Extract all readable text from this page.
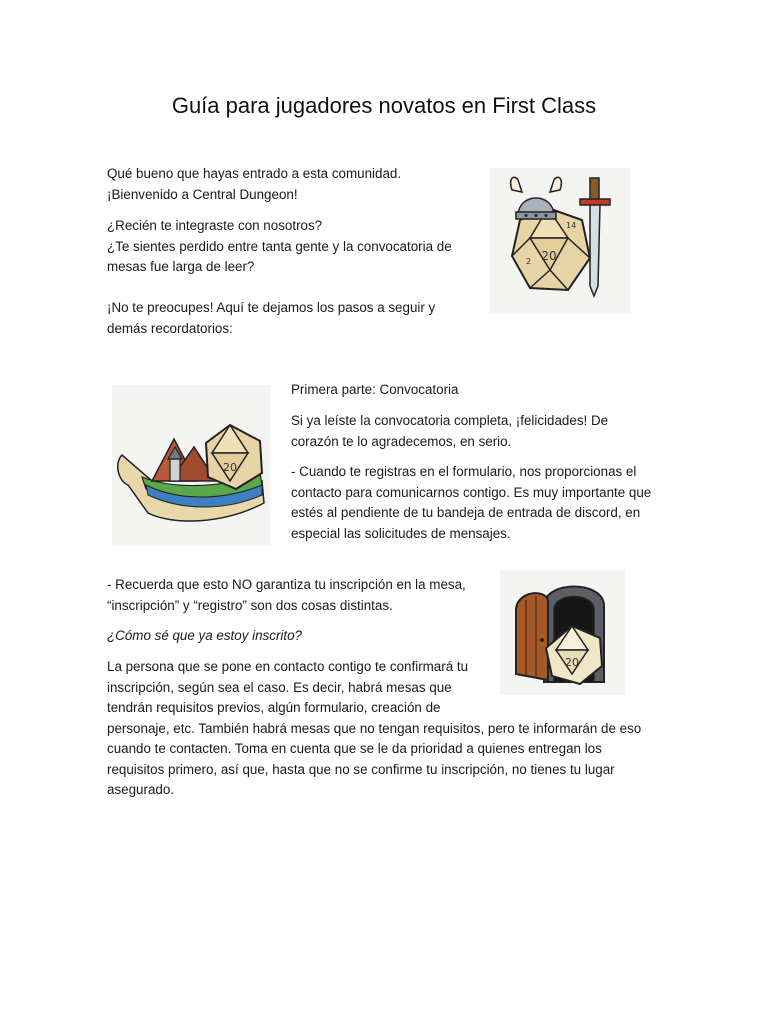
Guía para jugadores novatos en First Class

Qué bueno que hayas entrado a esta comunidad.

¡Bienvenido a Central Dungeon!

¿Recién te integraste con nosotros?

¿Te sientes perdido entre tanta gente y la convocatoria de

mesas fue larga de leer?

¡No te preocupes! Aquí te dejamos los pasos a seguir y

demás recordatorios:

20
14
2

Primera parte: Convocatoria

Si ya leíste la convocatoria completa, ¡felicidades! De

corazón te lo agradecemos, en serio.

- Cuando te registras en el formulario, nos proporcionas el

contacto para comunicarnos contigo. Es muy importante que

estés al pendiente de tu bandeja de entrada de discord, en

especial las solicitudes de mensajes.

20

- Recuerda que esto NO garantiza tu inscripción en la mesa,

“inscripción” y “registro” son dos cosas distintas.

¿Cómo sé que ya estoy inscrito?

La persona que se pone en contacto contigo te confirmará tu

inscripción, según sea el caso. Es decir, habrá mesas que

tendrán requisitos previos, algún formulario, creación de

personaje, etc. También habrá mesas que no tengan requisitos, pero te informarán de eso

cuando te contacten. Toma en cuenta que se le da prioridad a quienes entregan los

requisitos primero, así que, hasta que no se confirme tu inscripción, no tienes tu lugar

asegurado.

20
